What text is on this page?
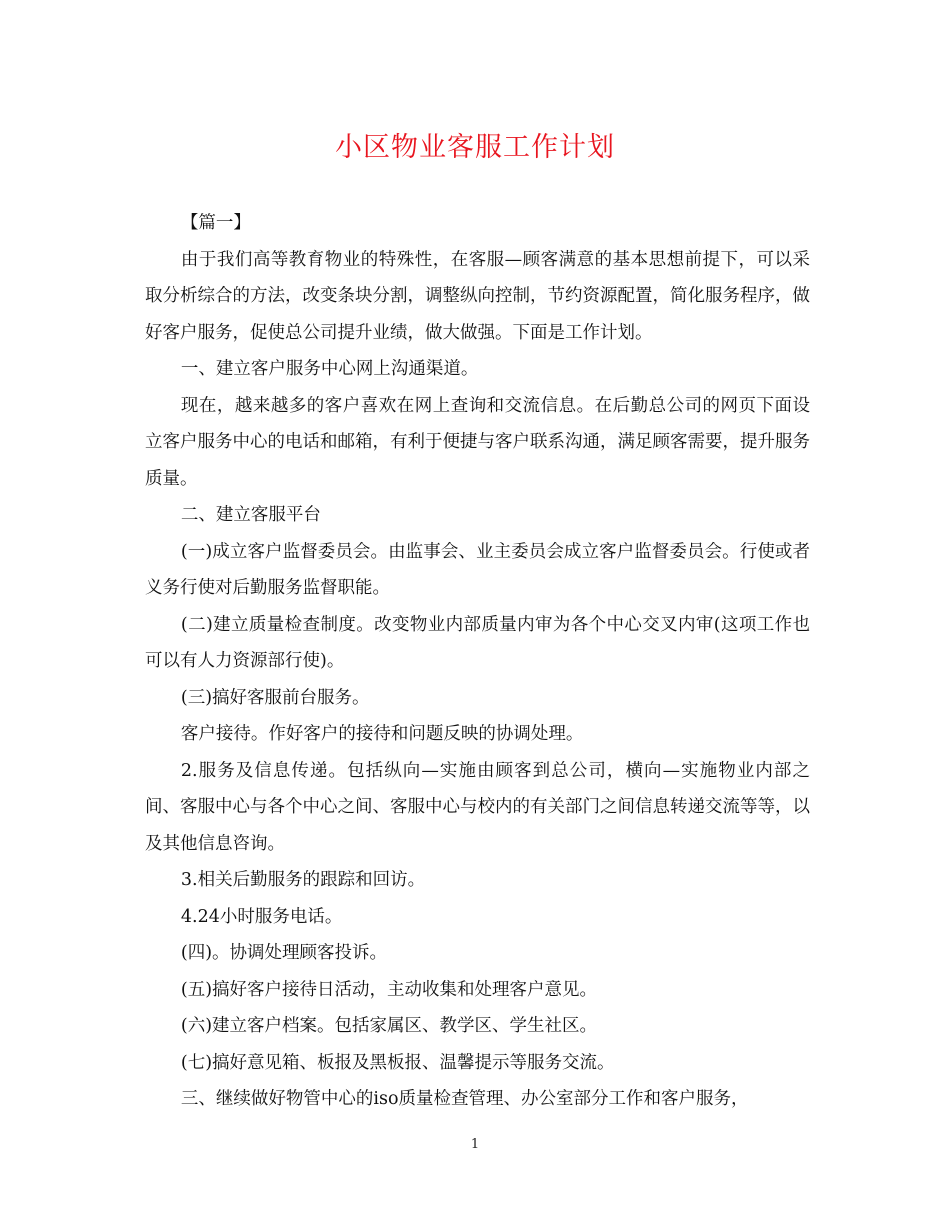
小区物业客服工作计划

【篇一】

由于我们高等教育物业的特殊性，在客服—顾客满意的基本思想前提下，可以采取分析综合的方法，改变条块分割，调整纵向控制，节约资源配置，简化服务程序，做好客户服务，促使总公司提升业绩，做大做强。下面是工作计划。

一、建立客户服务中心网上沟通渠道。

现在，越来越多的客户喜欢在网上查询和交流信息。在后勤总公司的网页下面设立客户服务中心的电话和邮箱，有利于便捷与客户联系沟通，满足顾客需要，提升服务质量。

二、建立客服平台

(一)成立客户监督委员会。由监事会、业主委员会成立客户监督委员会。行使或者义务行使对后勤服务监督职能。

(二)建立质量检查制度。改变物业内部质量内审为各个中心交叉内审(这项工作也可以有人力资源部行使)。

(三)搞好客服前台服务。

客户接待。作好客户的接待和问题反映的协调处理。

2.服务及信息传递。包括纵向—实施由顾客到总公司，横向—实施物业内部之间、客服中心与各个中心之间、客服中心与校内的有关部门之间信息转递交流等等，以及其他信息咨询。

3.相关后勤服务的跟踪和回访。

4.24小时服务电话。

(四)。协调处理顾客投诉。

(五)搞好客户接待日活动，主动收集和处理客户意见。

(六)建立客户档案。包括家属区、教学区、学生社区。

(七)搞好意见箱、板报及黑板报、温馨提示等服务交流。

三、继续做好物管中心的iso质量检查管理、办公室部分工作和客户服务，

1
